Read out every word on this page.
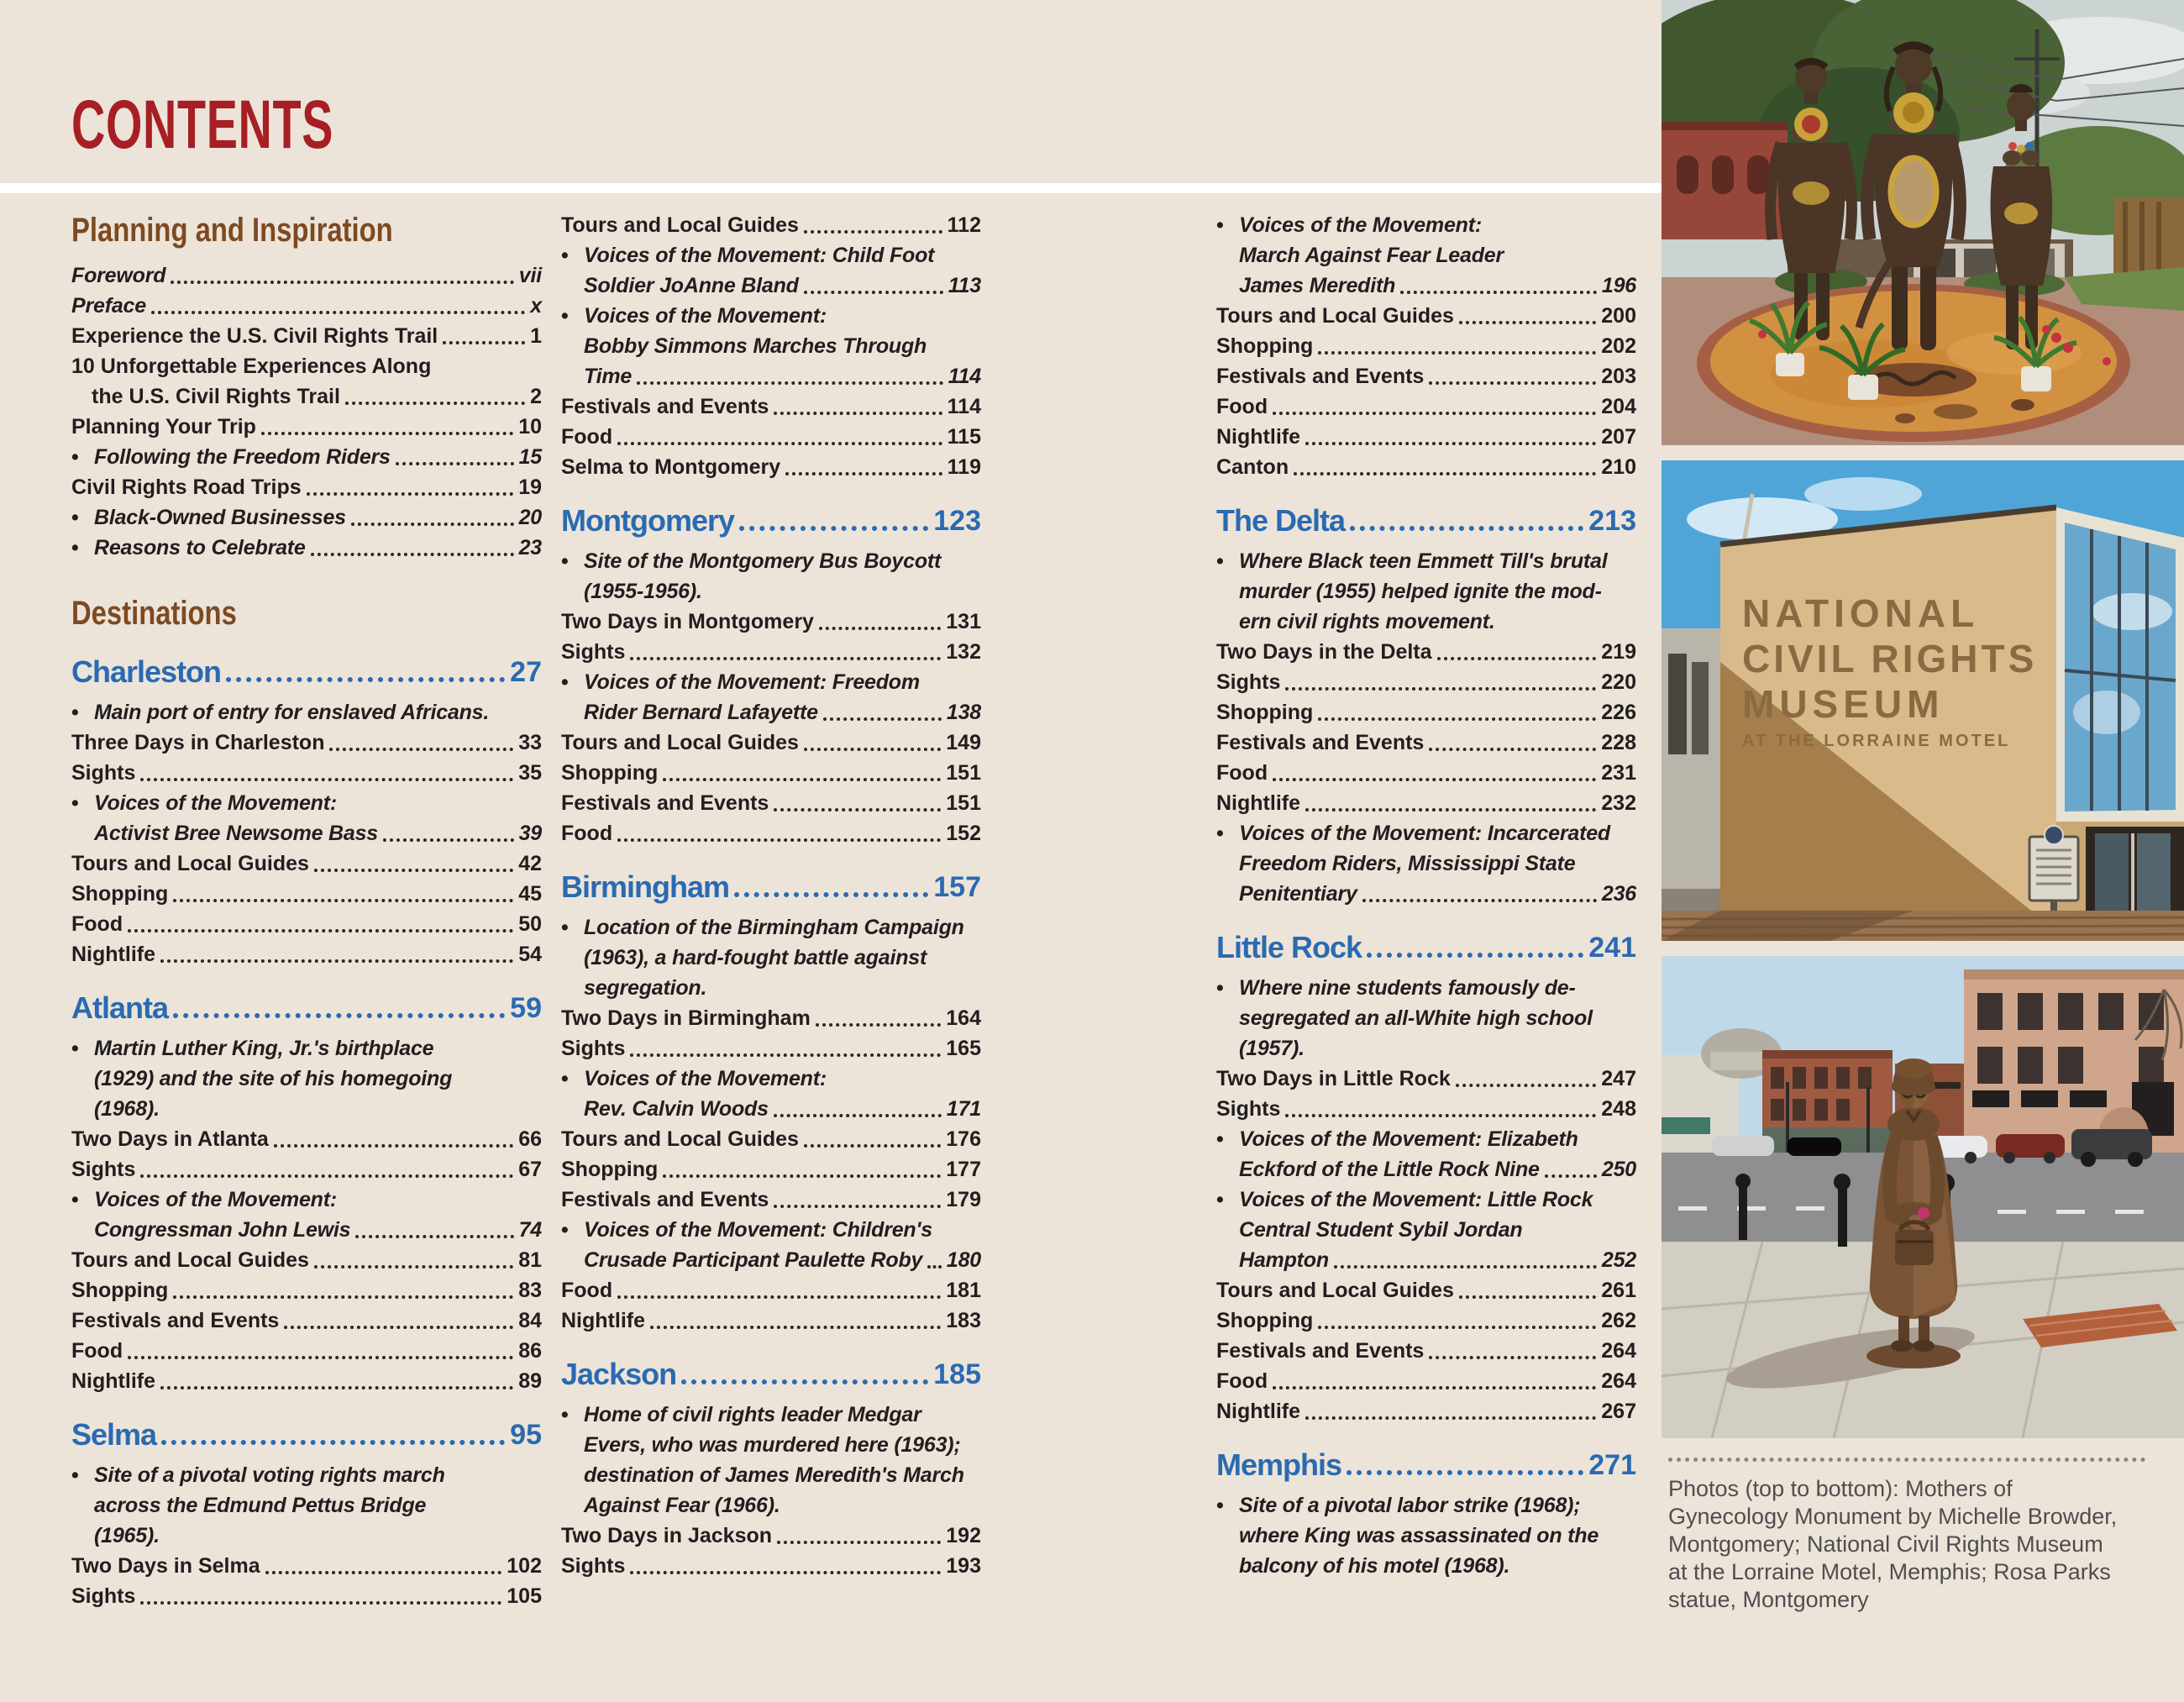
CONTENTS
Planning and Inspiration
Foreword	vii
Preface	x
Experience the U.S. Civil Rights Trail	1
10 Unforgettable Experiences Along
the U.S. Civil Rights Trail	2
Planning Your Trip	10
• Following the Freedom Riders	15
Civil Rights Road Trips	19
• Black-Owned Businesses	20
• Reasons to Celebrate	23
Destinations
Charleston	27
• Main port of entry for enslaved Africans.
Three Days in Charleston	33
Sights	35
• Voices of the Movement:
Activist Bree Newsome Bass	39
Tours and Local Guides	42
Shopping	45
Food	50
Nightlife	54
Atlanta	59
• Martin Luther King, Jr.'s birthplace
(1929) and the site of his homegoing
(1968).
Two Days in Atlanta	66
Sights	67
• Voices of the Movement:
Congressman John Lewis	74
Tours and Local Guides	81
Shopping	83
Festivals and Events	84
Food	86
Nightlife	89
Selma	95
• Site of a pivotal voting rights march
across the Edmund Pettus Bridge
(1965).
Two Days in Selma	102
Sights	105
Tours and Local Guides	112
• Voices of the Movement: Child Foot
Soldier JoAnne Bland	113
• Voices of the Movement:
Bobby Simmons Marches Through
Time	114
Festivals and Events	114
Food	115
Selma to Montgomery	119
Montgomery	123
• Site of the Montgomery Bus Boycott
(1955-1956).
Two Days in Montgomery	131
Sights	132
• Voices of the Movement: Freedom
Rider Bernard Lafayette	138
Tours and Local Guides	149
Shopping	151
Festivals and Events	151
Food	152
Birmingham	157
• Location of the Birmingham Campaign
(1963), a hard-fought battle against
segregation.
Two Days in Birmingham	164
Sights	165
• Voices of the Movement:
Rev. Calvin Woods	171
Tours and Local Guides	176
Shopping	177
Festivals and Events	179
• Voices of the Movement: Children's
Crusade Participant Paulette Roby 180
Food	181
Nightlife	183
Jackson	185
• Home of civil rights leader Medgar
Evers, who was murdered here (1963);
destination of James Meredith's March
Against Fear (1966).
Two Days in Jackson	192
Sights	193
• Voices of the Movement:
March Against Fear Leader
James Meredith	196
Tours and Local Guides	200
Shopping	202
Festivals and Events	203
Food	204
Nightlife	207
Canton	210
The Delta	213
• Where Black teen Emmett Till's brutal
murder (1955) helped ignite the mod-
ern civil rights movement.
Two Days in the Delta	219
Sights	220
Shopping	226
Festivals and Events	228
Food	231
Nightlife	232
• Voices of the Movement: Incarcerated
Freedom Riders, Mississippi State
Penitentiary	236
Little Rock	241
• Where nine students famously de-
segregated an all-White high school
(1957).
Two Days in Little Rock	247
Sights	248
• Voices of the Movement: Elizabeth
Eckford of the Little Rock Nine	250
• Voices of the Movement: Little Rock
Central Student Sybil Jordan
Hampton	252
Tours and Local Guides	261
Shopping	262
Festivals and Events	264
Food	264
Nightlife	267
Memphis	271
• Site of a pivotal labor strike (1968);
where King was assassinated on the
balcony of his motel (1968).
NATIONAL
CIVIL RIGHTS
MUSEUM
AT THE LORRAINE MOTEL
Photos (top to bottom): Mothers of
Gynecology Monument by Michelle Browder,
Montgomery; National Civil Rights Museum
at the Lorraine Motel, Memphis; Rosa Parks
statue, Montgomery
